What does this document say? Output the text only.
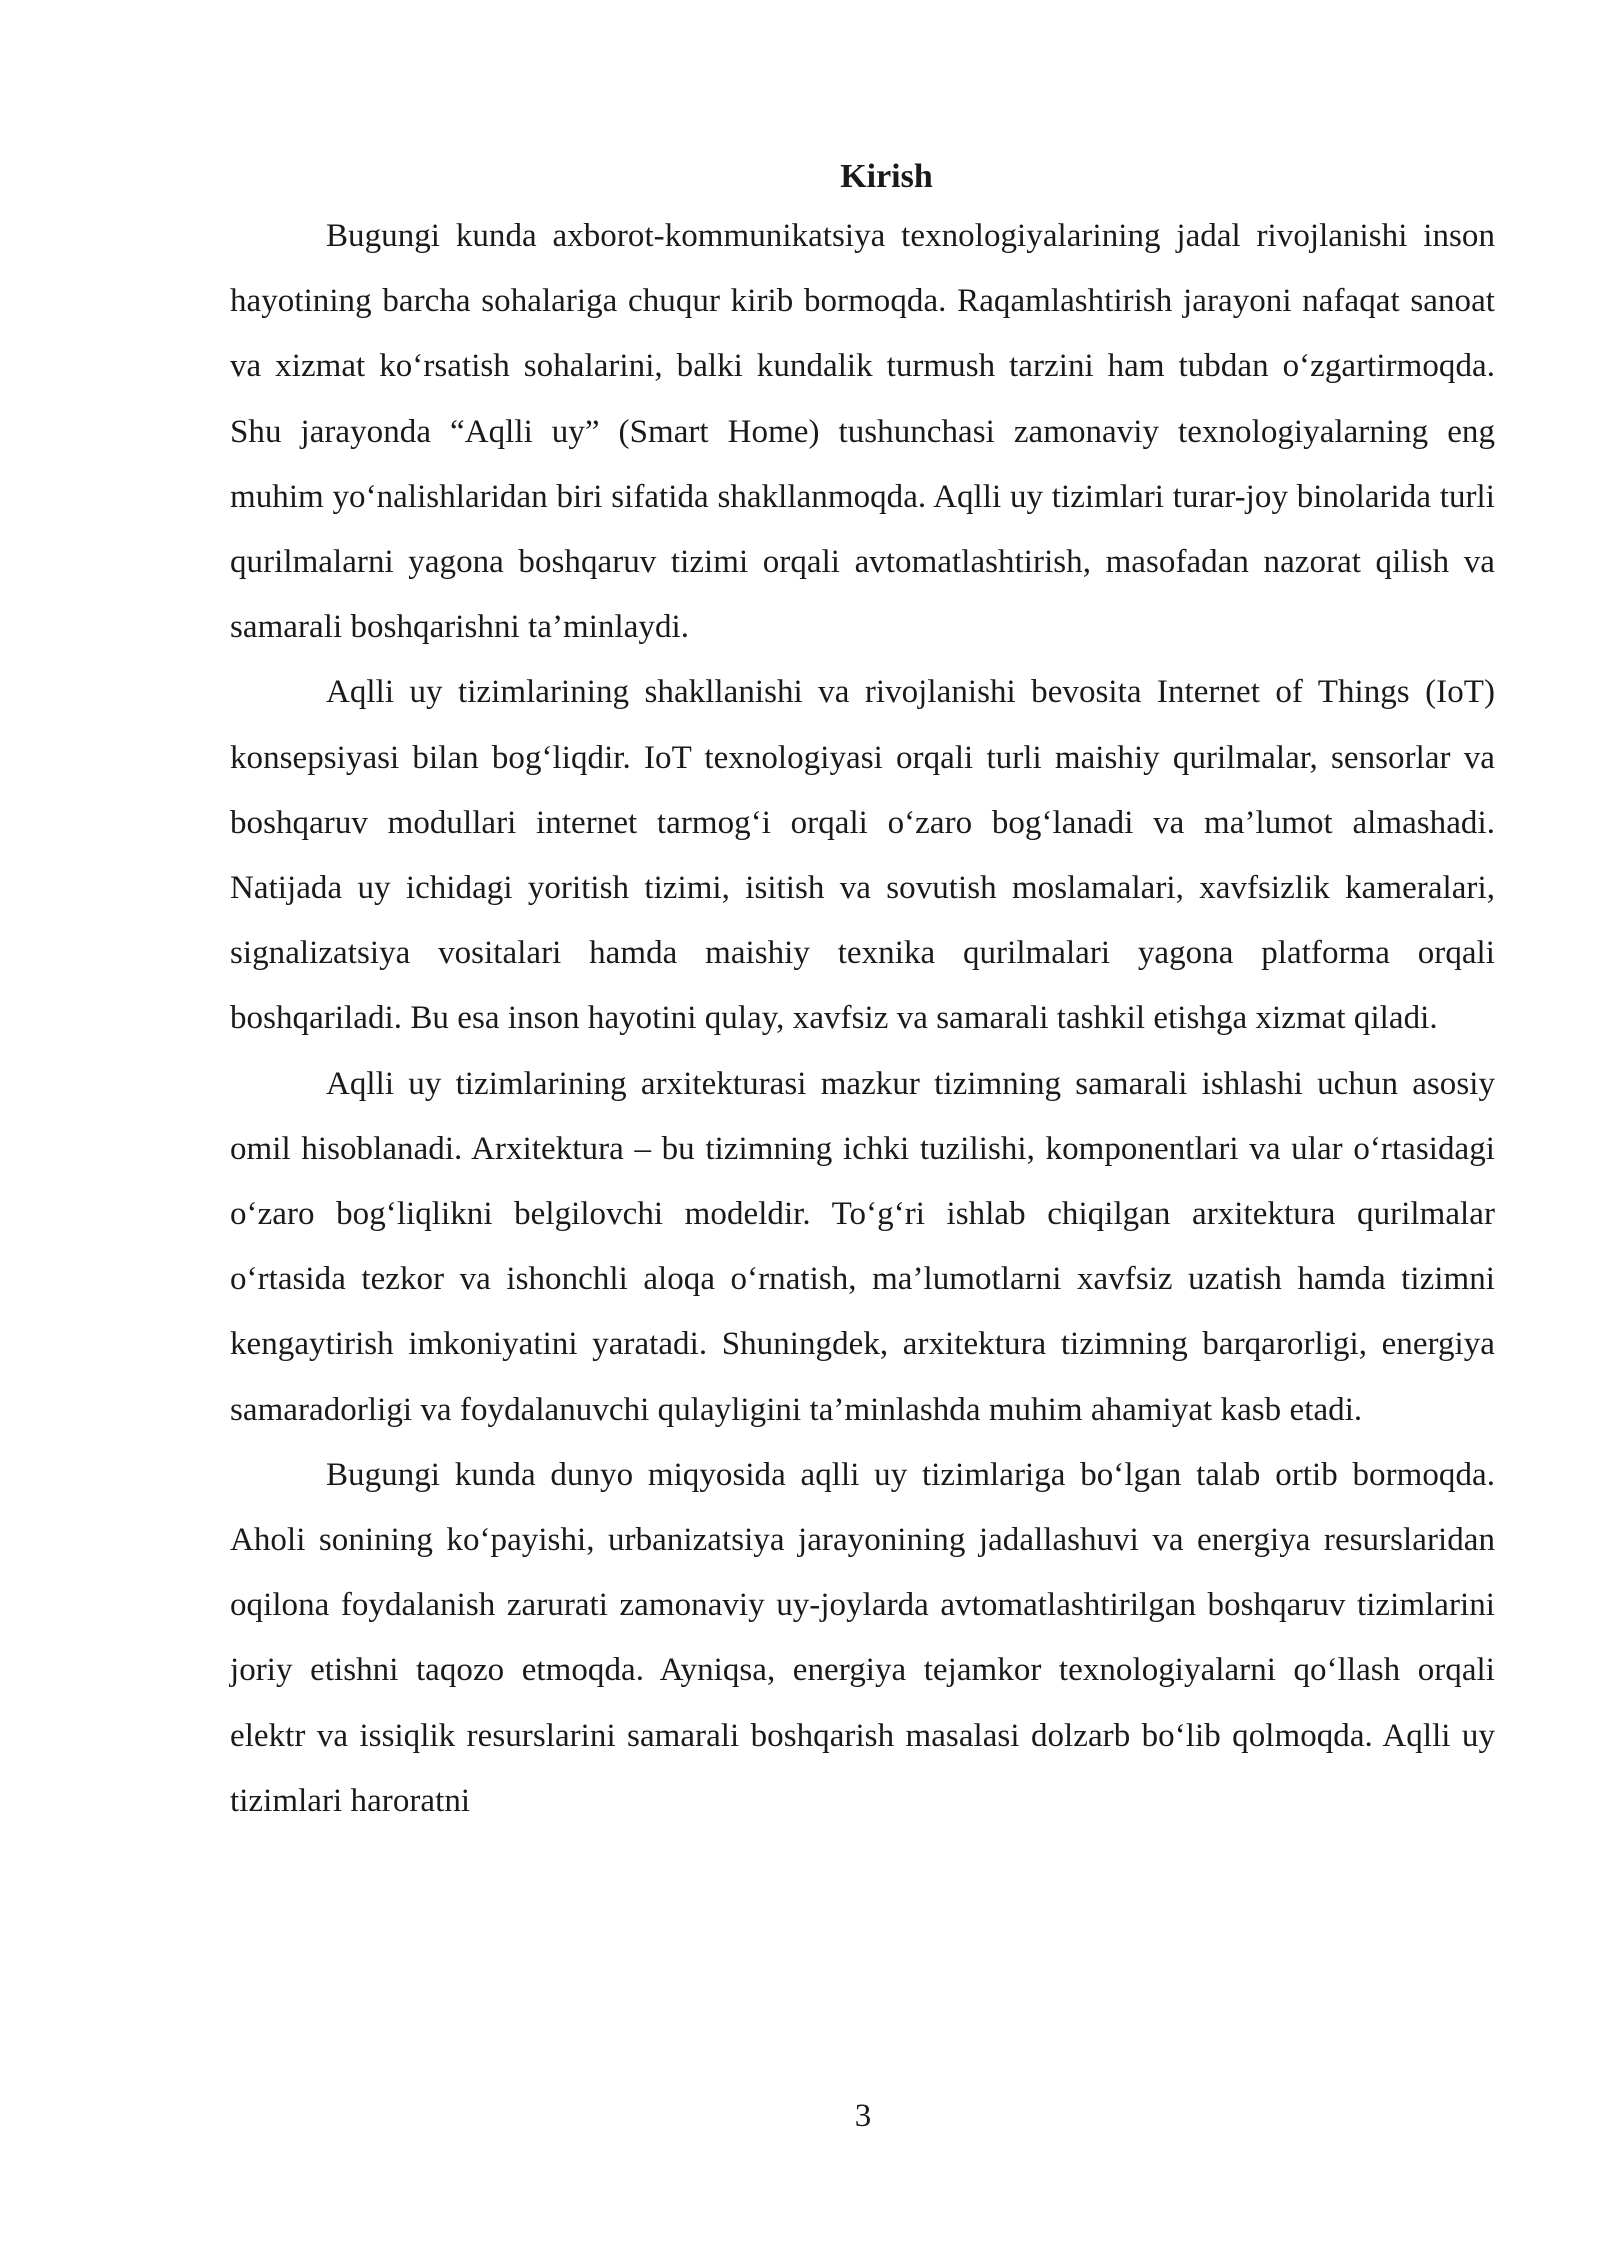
Kirish

Bugungi kunda axborot-kommunikatsiya texnologiyalarining jadal rivojlanishi inson hayotining barcha sohalariga chuqur kirib bormoqda. Raqamlashtirish jarayoni nafaqat sanoat va xizmat ko‘rsatish sohalarini, balki kundalik turmush tarzini ham tubdan o‘zgartirmoqda. Shu jarayonda “Aqlli uy” (Smart Home) tushunchasi zamonaviy texnologiyalarning eng muhim yo‘nalishlaridan biri sifatida shakllanmoqda. Aqlli uy tizimlari turar-joy binolarida turli qurilmalarni yagona boshqaruv tizimi orqali avtomatlashtirish, masofadan nazorat qilish va samarali boshqarishni ta’minlaydi.

Aqlli uy tizimlarining shakllanishi va rivojlanishi bevosita Internet of Things (IoT) konsepsiyasi bilan bog‘liqdir. IoT texnologiyasi orqali turli maishiy qurilmalar, sensorlar va boshqaruv modullari internet tarmog‘i orqali o‘zaro bog‘lanadi va ma’lumot almashadi. Natijada uy ichidagi yoritish tizimi, isitish va sovutish moslamalari, xavfsizlik kameralari, signalizatsiya vositalari hamda maishiy texnika qurilmalari yagona platforma orqali boshqariladi. Bu esa inson hayotini qulay, xavfsiz va samarali tashkil etishga xizmat qiladi.

Aqlli uy tizimlarining arxitekturasi mazkur tizimning samarali ishlashi uchun asosiy omil hisoblanadi. Arxitektura – bu tizimning ichki tuzilishi, komponentlari va ular o‘rtasidagi o‘zaro bog‘liqlikni belgilovchi modeldir. To‘g‘ri ishlab chiqilgan arxitektura qurilmalar o‘rtasida tezkor va ishonchli aloqa o‘rnatish, ma’lumotlarni xavfsiz uzatish hamda tizimni kengaytirish imkoniyatini yaratadi. Shuningdek, arxitektura tizimning barqarorligi, energiya samaradorligi va foydalanuvchi qulayligini ta’minlashda muhim ahamiyat kasb etadi.

Bugungi kunda dunyo miqyosida aqlli uy tizimlariga bo‘lgan talab ortib bormoqda. Aholi sonining ko‘payishi, urbanizatsiya jarayonining jadallashuvi va energiya resurslaridan oqilona foydalanish zarurati zamonaviy uy-joylarda avtomatlashtirilgan boshqaruv tizimlarini joriy etishni taqozo etmoqda. Ayniqsa, energiya tejamkor texnologiyalarni qo‘llash orqali elektr va issiqlik resurslarini samarali boshqarish masalasi dolzarb bo‘lib qolmoqda. Aqlli uy tizimlari haroratni

3
